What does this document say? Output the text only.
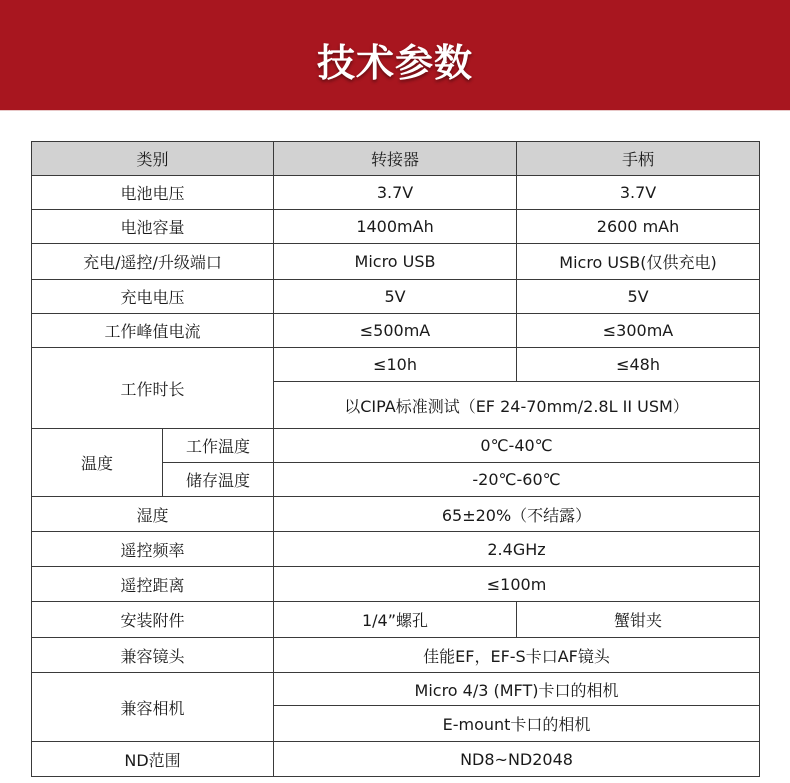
技术参数
类别		转接器	手柄
电池电压		3.7V	3.7V
电池容量		1400mAh	2600 mAh
充电/遥控/升级端口		Micro USB	Micro USB(仅供充电)
充电电压		5V	5V
工作峰值电流		≤500mA	≤300mA
工作时长		≤10h	≤48h
		以CIPA标准测试（EF 24-70mm/2.8L II USM）	
温度	工作温度	0℃-40℃	
	储存温度	-20℃-60℃	
湿度		65±20%（不结露）	
遥控频率		2.4GHz	
遥控距离		≤100m	
安装附件		1/4”螺孔	蟹钳夹
兼容镜头		佳能EF，EF-S卡口AF镜头	
兼容相机		Micro 4/3 (MFT)卡口的相机	
		E-mount卡口的相机	
ND范围		ND8~ND2048	
